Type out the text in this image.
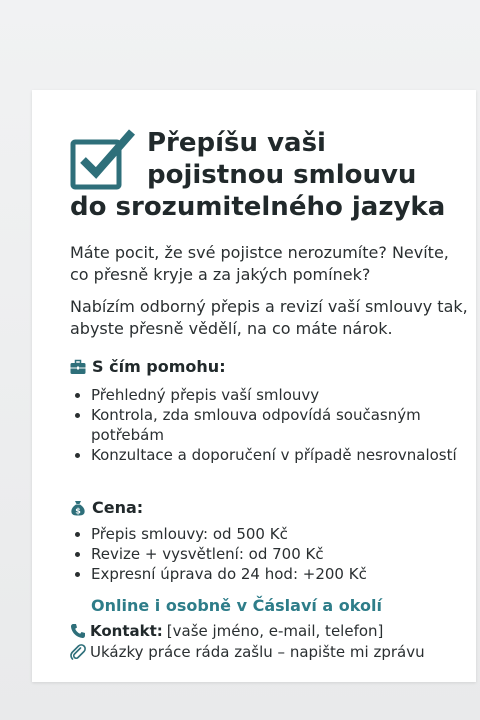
Přepíšu vaši
pojistnou smlouvu
do srozumitelného jazyka
Máte pocit, že své pojistce nerozumíte? Nevíte, co přesně kryje a za jakých pomínek?
Nabízím odborný přepis a revizí vaší smlouvy tak, abyste přesně vědělí, na co máte nárok.
S čím pomohu:
Přehledný přepis vaší smlouvy
Kontrola, zda smlouva odpovídá současným potřebám
Konzultace a doporučení v případě nesrovnalostí
$ Cena:
Přepis smlouvy: od 500 Kč
Revize + vysvětlení: od 700 Kč
Expresní úprava do 24 hod: +200 Kč
Online i osobně v Čáslaví a okolí
Kontakt: [vaše jméno, e-mail, telefon]
Ukázky práce ráda zašlu – napište mi zprávu
